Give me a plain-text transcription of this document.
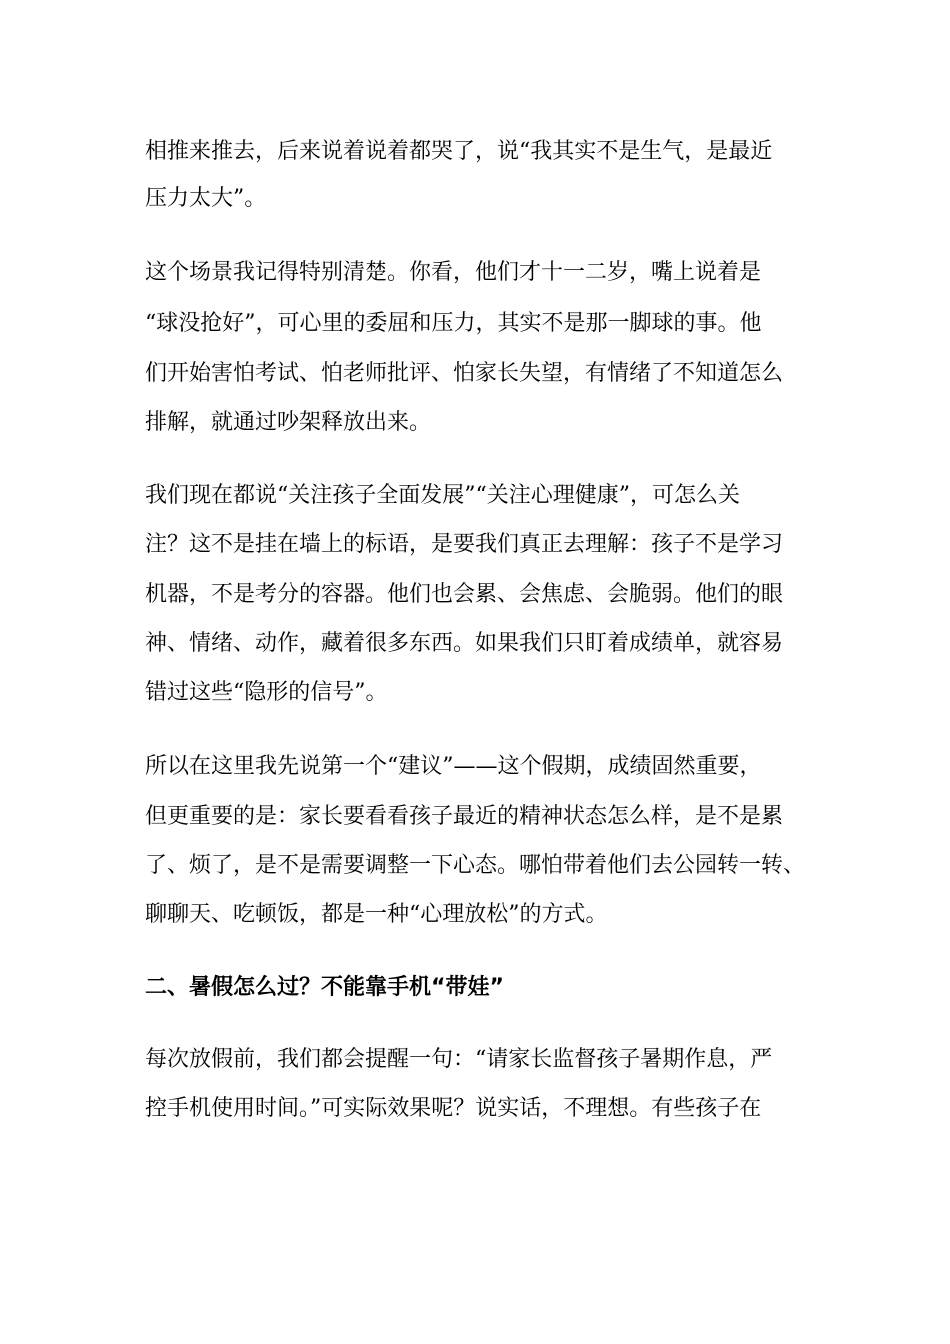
相推来推去，后来说着说着都哭了，说“我其实不是生气，是最近
压力太大”。
这个场景我记得特别清楚。你看，他们才十一二岁，嘴上说着是
“球没抢好”，可心里的委屈和压力，其实不是那一脚球的事。他
们开始害怕考试、怕老师批评、怕家长失望，有情绪了不知道怎么
排解，就通过吵架释放出来。
我们现在都说“关注孩子全面发展”“关注心理健康”，可怎么关
注？这不是挂在墙上的标语，是要我们真正去理解：孩子不是学习
机器，不是考分的容器。他们也会累、会焦虑、会脆弱。他们的眼
神、情绪、动作，藏着很多东西。如果我们只盯着成绩单，就容易
错过这些“隐形的信号”。
所以在这里我先说第一个“建议”——这个假期，成绩固然重要，
但更重要的是：家长要看看孩子最近的精神状态怎么样，是不是累
了、烦了，是不是需要调整一下心态。哪怕带着他们去公园转一转、
聊聊天、吃顿饭，都是一种“心理放松”的方式。
二、暑假怎么过？不能靠手机“带娃”
每次放假前，我们都会提醒一句：“请家长监督孩子暑期作息，严
控手机使用时间。”可实际效果呢？说实话，不理想。有些孩子在
